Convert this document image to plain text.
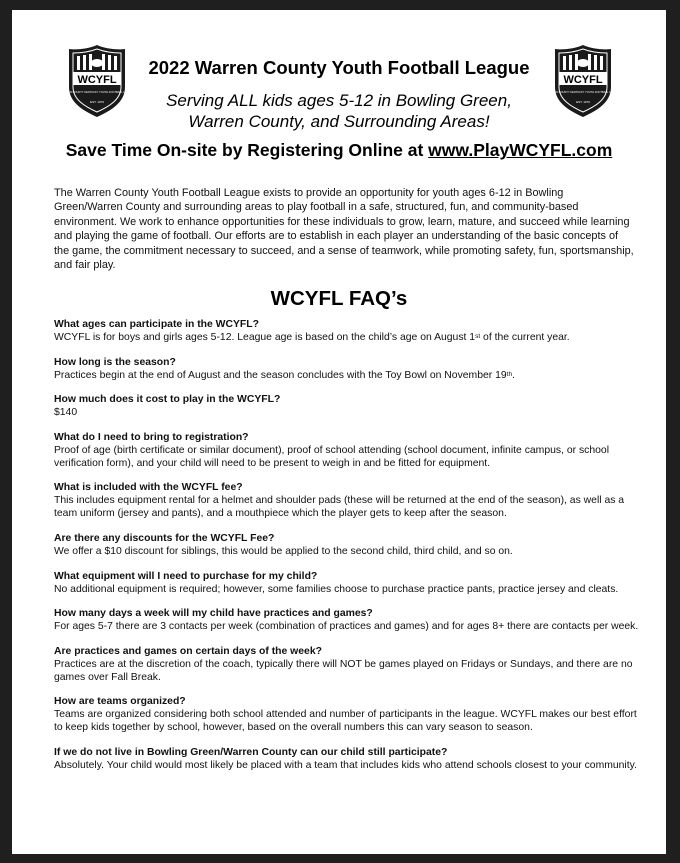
WCYFL
WARREN COUNTY KENTUCKY YOUTH FOOTBALL LEAGUE
EST. 1979
WCYFL
WARREN COUNTY KENTUCKY YOUTH FOOTBALL LEAGUE
EST. 1979
2022 Warren County Youth Football League
Serving ALL kids ages 5-12 in Bowling Green,
Warren County, and Surrounding Areas!
Save Time On-site by Registering Online at www.PlayWCYFL.com
The Warren County Youth Football League exists to provide an opportunity for youth ages 6-12 in Bowling Green/Warren County and surrounding areas to play football in a safe, structured, fun, and community-based environment. We work to enhance opportunities for these individuals to grow, learn, mature, and succeed while learning and playing the game of football. Our efforts are to establish in each player an understanding of the basic concepts of the game, the commitment necessary to succeed, and a sense of teamwork, while promoting safety, fun, sportsmanship, and fair play.
WCYFL FAQ’s
What ages can participate in the WCYFL?
WCYFL is for boys and girls ages 5-12. League age is based on the child’s age on August 1st of the current year.
How long is the season?
Practices begin at the end of August and the season concludes with the Toy Bowl on November 19th.
How much does it cost to play in the WCYFL?
$140
What do I need to bring to registration?
Proof of age (birth certificate or similar document), proof of school attending (school document, infinite campus, or school verification form), and your child will need to be present to weigh in and be fitted for equipment.
What is included with the WCYFL fee?
This includes equipment rental for a helmet and shoulder pads (these will be returned at the end of the season), as well as a team uniform (jersey and pants), and a mouthpiece which the player gets to keep after the season.
Are there any discounts for the WCYFL Fee?
We offer a $10 discount for siblings, this would be applied to the second child, third child, and so on.
What equipment will I need to purchase for my child?
No additional equipment is required; however, some families choose to purchase practice pants, practice jersey and cleats.
How many days a week will my child have practices and games?
For ages 5-7 there are 3 contacts per week (combination of practices and games) and for ages 8+ there are contacts per week.
Are practices and games on certain days of the week?
Practices are at the discretion of the coach, typically there will NOT be games played on Fridays or Sundays, and there are no games over Fall Break.
How are teams organized?
Teams are organized considering both school attended and number of participants in the league. WCYFL makes our best effort to keep kids together by school, however, based on the overall numbers this can vary season to season.
If we do not live in Bowling Green/Warren County can our child still participate?
Absolutely. Your child would most likely be placed with a team that includes kids who attend schools closest to your community.
